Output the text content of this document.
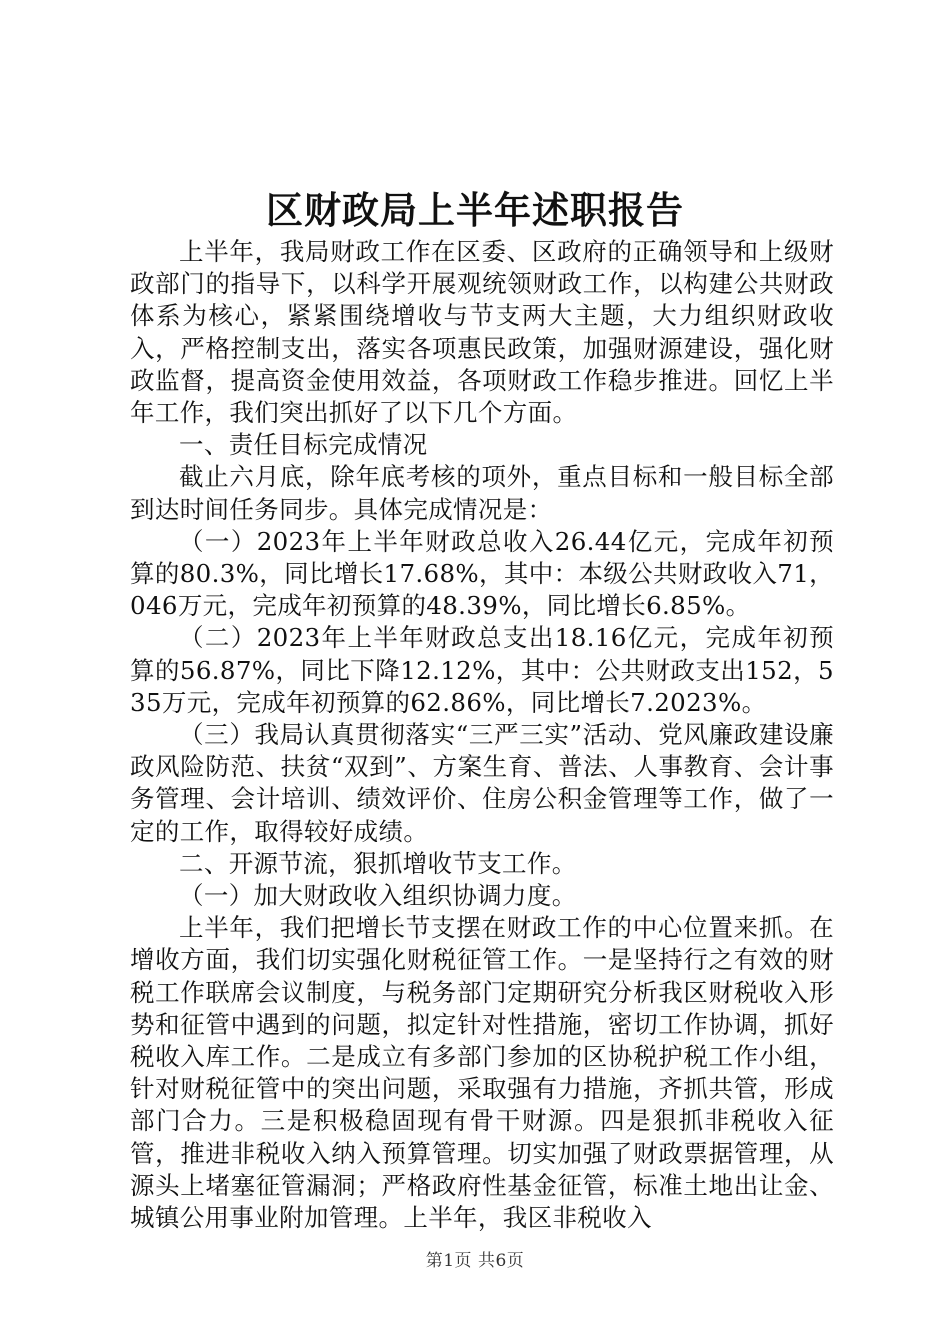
区财政局上半年述职报告

上半年，我局财政工作在区委、区政府的正确领导和上级财政部门的指导下，以科学开展观统领财政工作，以构建公共财政体系为核心，紧紧围绕增收与节支两大主题，大力组织财政收入，严格控制支出，落实各项惠民政策，加强财源建设，强化财政监督，提高资金使用效益，各项财政工作稳步推进。回忆上半年工作，我们突出抓好了以下几个方面。

一、责任目标完成情况

截止六月底，除年底考核的项外，重点目标和一般目标全部到达时间任务同步。具体完成情况是：

（一）2023年上半年财政总收入26.44亿元，完成年初预算的80.3%，同比增长17.68%，其中：本级公共财政收入71，046万元，完成年初预算的48.39%，同比增长6.85%。

（二）2023年上半年财政总支出18.16亿元，完成年初预算的56.87%，同比下降12.12%，其中：公共财政支出152，535万元，完成年初预算的62.86%，同比增长7.2023%。

（三）我局认真贯彻落实“三严三实”活动、党风廉政建设廉政风险防范、扶贫“双到”、方案生育、普法、人事教育、会计事务管理、会计培训、绩效评价、住房公积金管理等工作，做了一定的工作，取得较好成绩。

二、开源节流，狠抓增收节支工作。

（一）加大财政收入组织协调力度。

上半年，我们把增长节支摆在财政工作的中心位置来抓。在增收方面，我们切实强化财税征管工作。一是坚持行之有效的财税工作联席会议制度，与税务部门定期研究分析我区财税收入形势和征管中遇到的问题，拟定针对性措施，密切工作协调，抓好税收入库工作。二是成立有多部门参加的区协税护税工作小组，针对财税征管中的突出问题，采取强有力措施，齐抓共管，形成部门合力。三是积极稳固现有骨干财源。四是狠抓非税收入征管，推进非税收入纳入预算管理。切实加强了财政票据管理，从源头上堵塞征管漏洞；严格政府性基金征管，标准土地出让金、城镇公用事业附加管理。上半年，我区非税收入

第1页 共6页
